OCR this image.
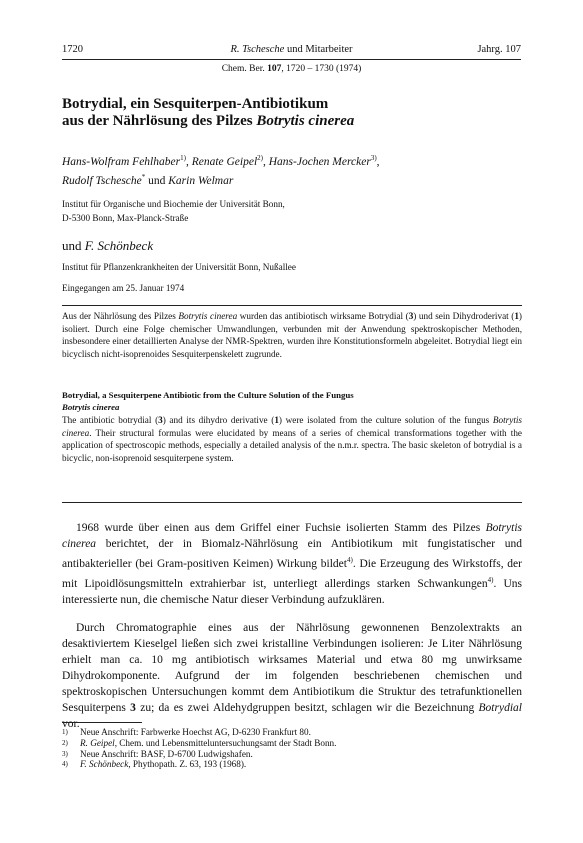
1720	R. Tschesche und Mitarbeiter	Jahrg. 107
Chem. Ber. 107, 1720 – 1730 (1974)
Botrydial, ein Sesquiterpen-Antibiotikum
aus der Nährlösung des Pilzes Botrytis cinerea
Hans-Wolfram Fehlhaber$^{1)}$, Renate Geipel$^{2)}$, Hans-Jochen Mercker$^{3)}$,
Rudolf Tschesche* und Karin Welmar
Institut für Organische und Biochemie der Universität Bonn,
D-5300 Bonn, Max-Planck-Straße
und F. Schönbeck
Institut für Pflanzenkrankheiten der Universität Bonn, Nußallee
Eingegangen am 25. Januar 1974
Aus der Nährlösung des Pilzes Botrytis cinerea wurden das antibiotisch wirksame Botrydial (3) und sein Dihydroderivat (1) isoliert. Durch eine Folge chemischer Umwandlungen, verbunden mit der Anwendung spektroskopischer Methoden, insbesondere einer detaillierten Analyse der NMR-Spektren, wurden ihre Konstitutionsformeln abgeleitet. Botrydial liegt ein bicyclisch nicht-isoprenoides Sesquiterpenskelett zugrunde.
Botrydial, a Sesquiterpene Antibiotic from the Culture Solution of the Fungus
Botrytis cinerea
The antibiotic botrydial (3) and its dihydro derivative (1) were isolated from the culture solution of the fungus Botrytis cinerea. Their structural formulas were elucidated by means of a series of chemical transformations together with the application of spectroscopic methods, especially a detailed analysis of the n.m.r. spectra. The basic skeleton of botrydial is a bicyclic, non-isoprenoid sesquiterpene system.

1968 wurde über einen aus dem Griffel einer Fuchsie isolierten Stamm des Pilzes Botrytis cinerea berichtet, der in Biomalz-Nährlösung ein Antibiotikum mit fungistatischer und antibakterieller (bei Gram-positiven Keimen) Wirkung bildet$^{4)}$. Die Erzeugung des Wirkstoffs, der mit Lipoidlösungsmitteln extrahierbar ist, unterliegt allerdings starken Schwankungen$^{4)}$. Uns interessierte nun, die chemische Natur dieser Verbindung aufzuklären.

Durch Chromatographie eines aus der Nährlösung gewonnenen Benzolextrakts an desaktiviertem Kieselgel ließen sich zwei kristalline Verbindungen isolieren: Je Liter Nährlösung erhielt man ca. 10 mg antibiotisch wirksames Material und etwa 80 mg unwirksame Dihydrokomponente. Aufgrund der im folgenden beschriebenen chemischen und spektroskopischen Untersuchungen kommt dem Antibiotikum die Struktur des tetrafunktionellen Sesquiterpens 3 zu; da es zwei Aldehydgruppen besitzt, schlagen wir die Bezeichnung Botrydial vor.

1)	Neue Anschrift: Farbwerke Hoechst AG, D-6230 Frankfurt 80.
2)	R. Geipel, Chem. und Lebensmitteluntersuchungsamt der Stadt Bonn.
3)	Neue Anschrift: BASF, D-6700 Ludwigshafen.
4)	F. Schönbeck, Phythopath. Z. 63, 193 (1968).
